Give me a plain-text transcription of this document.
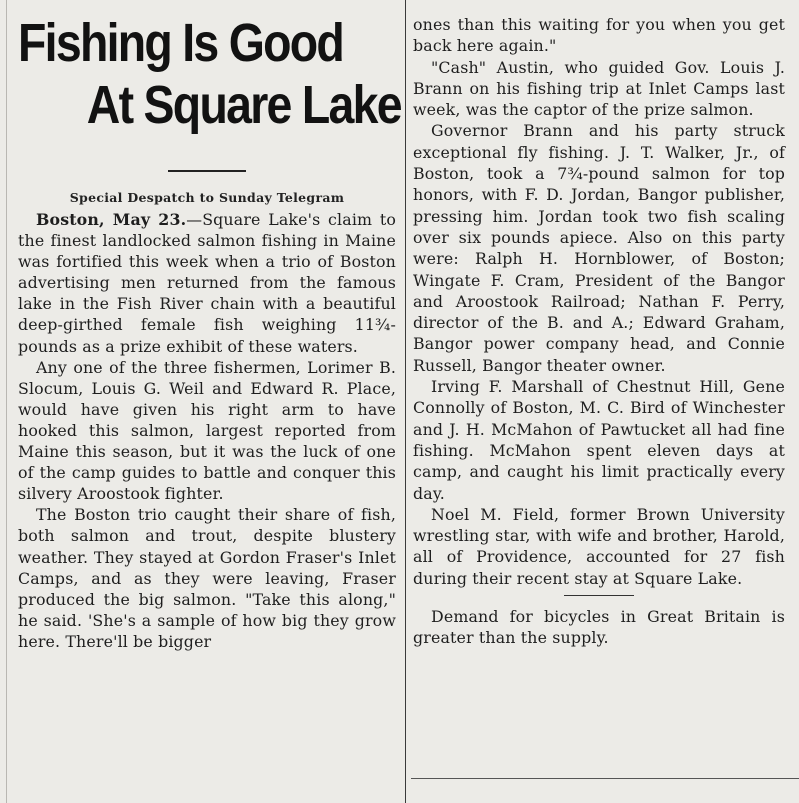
Fishing Is Good
At Square Lake
Special Despatch to Sunday Telegram

Boston, May 23.—Square Lake's claim to the finest landlocked salmon fishing in Maine was fortified this week when a trio of Boston advertising men returned from the famous lake in the Fish River chain with a beautiful deep-girthed female fish weighing 11¾-pounds as a prize exhibit of these waters.

Any one of the three fishermen, Lorimer B. Slocum, Louis G. Weil and Edward R. Place, would have given his right arm to have hooked this salmon, largest reported from Maine this season, but it was the luck of one of the camp guides to battle and conquer this silvery Aroostook fighter.

The Boston trio caught their share of fish, both salmon and trout, despite blustery weather. They stayed at Gordon Fraser's Inlet Camps, and as they were leaving, Fraser produced the big salmon. "Take this along," he said. 'She's a sample of how big they grow here. There'll be bigger

ones than this waiting for you when you get back here again."

"Cash" Austin, who guided Gov. Louis J. Brann on his fishing trip at Inlet Camps last week, was the captor of the prize salmon.

Governor Brann and his party struck exceptional fly fishing. J. T. Walker, Jr., of Boston, took a 7¾-pound salmon for top honors, with F. D. Jordan, Bangor publisher, pressing him. Jordan took two fish scaling over six pounds apiece. Also on this party were: Ralph H. Hornblower, of Boston; Wingate F. Cram, President of the Bangor and Aroostook Railroad; Nathan F. Perry, director of the B. and A.; Edward Graham, Bangor power company head, and Connie Russell, Bangor theater owner.

Irving F. Marshall of Chestnut Hill, Gene Connolly of Boston, M. C. Bird of Winchester and J. H. McMahon of Pawtucket all had fine fishing. McMahon spent eleven days at camp, and caught his limit practically every day.

Noel M. Field, former Brown University wrestling star, with wife and brother, Harold, all of Providence, accounted for 27 fish during their recent stay at Square Lake.

Demand for bicycles in Great Britain is greater than the supply.
